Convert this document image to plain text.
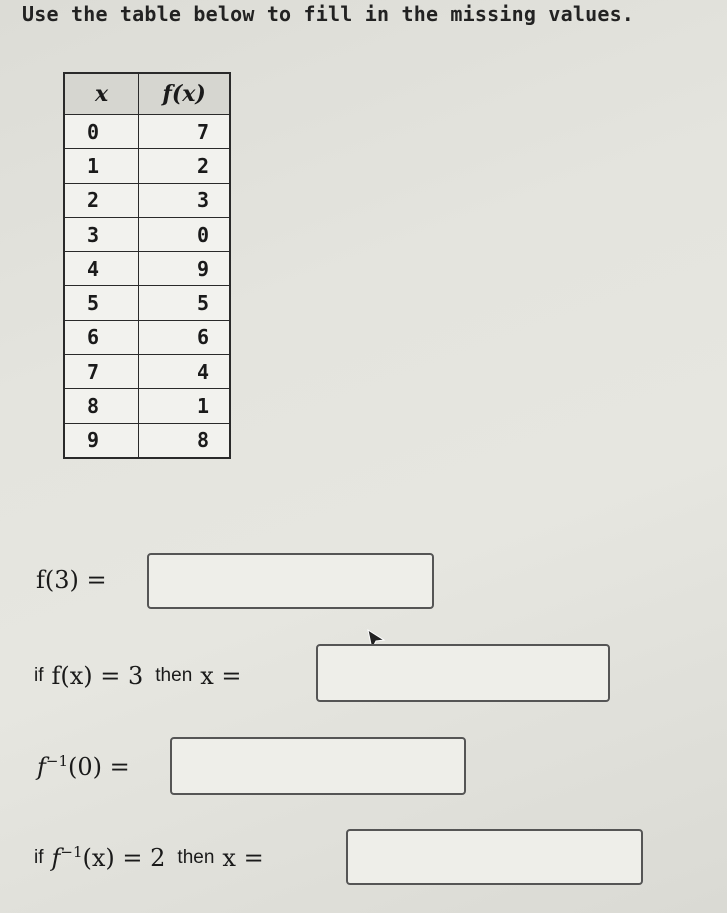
Use the table below to fill in the missing values.
x	f(x)
0	7
1	2
2	3
3	0
4	9
5	5
6	6
7	4
8	1
9	8
f(3) =
if f(x) = 3 then x =
$f^{-1}(0)$ =
if $f^{-1}(x) = 2$ then x =
